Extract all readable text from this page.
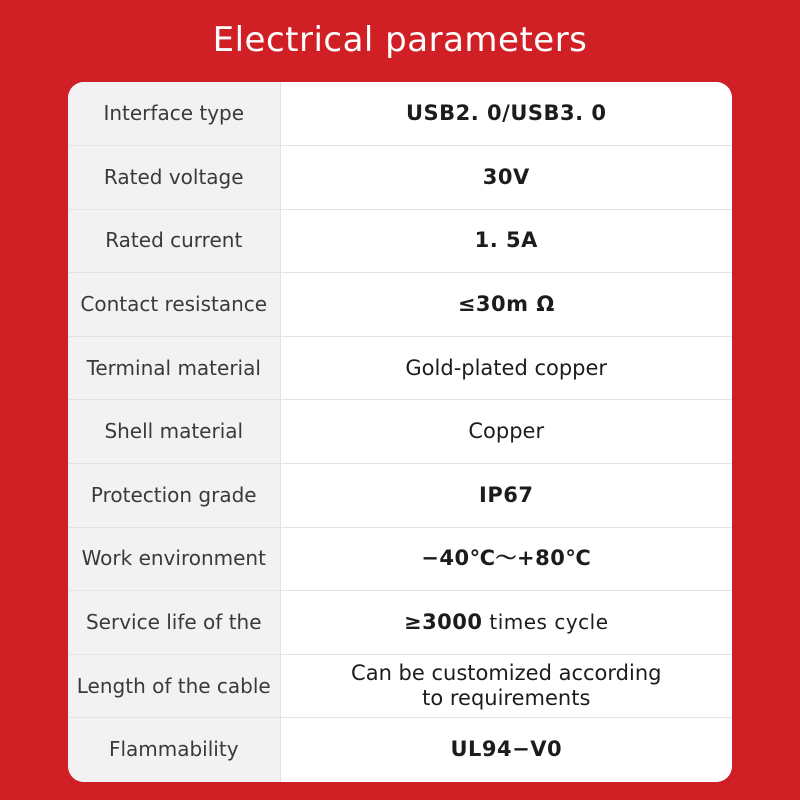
Electrical parameters
Interface type	USB2. 0/USB3. 0
Rated voltage	30V
Rated current	1. 5A
Contact resistance	≤30m Ω
Terminal material	Gold-plated copper
Shell material	Copper
Protection grade	IP67
Work environment	−40℃～+80℃
Service life of the	≥3000 times cycle
Length of the cable	Can be customized according
to requirements

Flammability	UL94−V0
